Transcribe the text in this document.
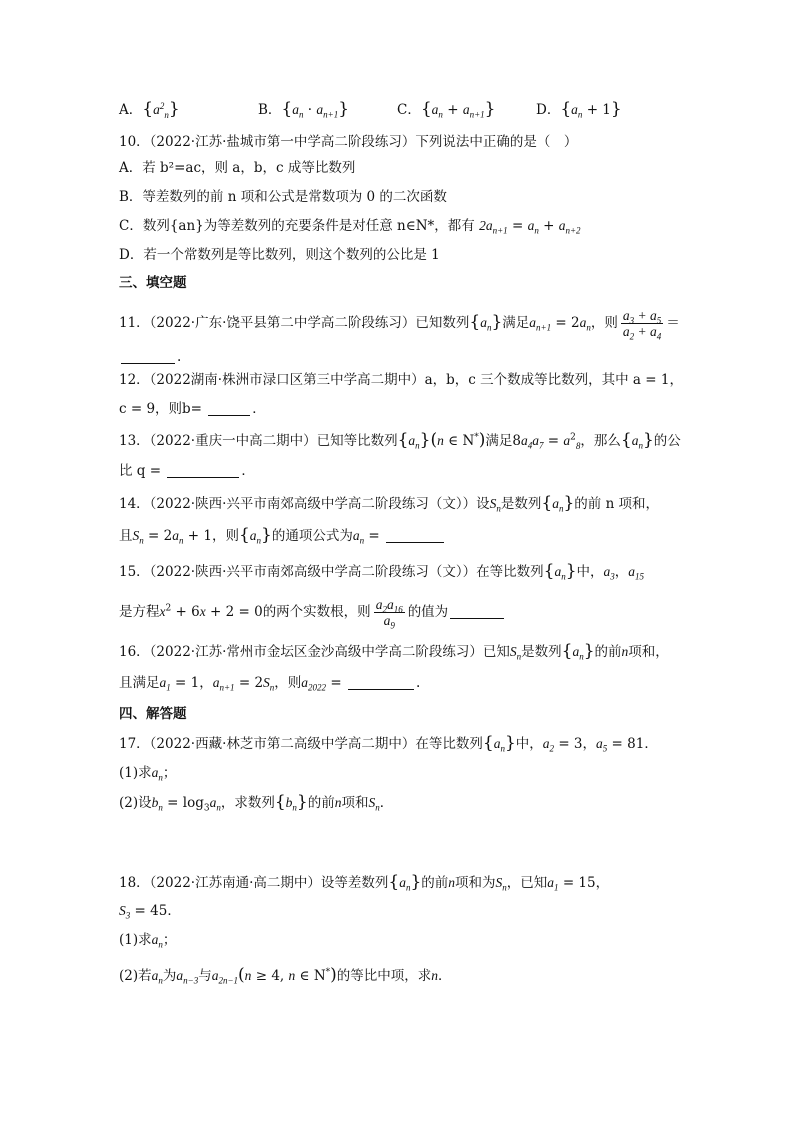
A．$\{a^2_n\}$	B．$\{a_n \cdot a_{n+1}\}$	C．$\{a_n + a_{n+1}\}$	D．$\{a_n + 1\}$
10．（2022·江苏·盐城市第一中学高二阶段练习）下列说法中正确的是（　）
A．若 b²=ac，则 a，b，c 成等比数列
B．等差数列的前 n 项和公式是常数项为 0 的二次函数
C．数列{an}为等差数列的充要条件是对任意 n∈N*，都有 $2a_{n+1} = a_n + a_{n+2}$
D．若一个常数列是等比数列，则这个数列的公比是 1
三、填空题
11．（2022·广东·饶平县第二中学高二阶段练习）已知数列$\{a_n\}$满足$a_{n+1} = 2a_n$，则 $\frac{a_3 + a_5}{a_2 + a_4}$ ＝
.
12．（2022湖南·株洲市渌口区第三中学高二期中）a，b，c 三个数成等比数列，其中 a = 1，
c = 9，则b=	．
13．（2022·重庆一中高二期中）已知等比数列$\{a_n\}(n$ ∈ N*)满足$8a_4a_7 = a^2_8$，那么$\{a_n\}$的公
比 q =	．
14．（2022·陕西·兴平市南郊高级中学高二阶段练习（文））设$S_n$是数列$\{a_n\}$的前 n 项和，
且$S_n = 2a_n + 1$，则$\{a_n\}$的通项公式为$a_n$ =
15．（2022·陕西·兴平市南郊高级中学高二阶段练习（文））在等比数列$\{a_n\}$中，$a_3$，$a_{15}$
是方程$x^2 + 6x + 2 = 0$的两个实数根，则 $\frac{a_2a_{16}}{a_9}$ 的值为
16．（2022·江苏·常州市金坛区金沙高级中学高二阶段练习）已知$S_n$是数列$\{a_n\}$的前n项和，
且满足$a_1 = 1$，$a_{n+1} = 2S_n$，则$a_{2022}$ =	.
四、解答题
17．（2022·西藏·林芝市第二高级中学高二期中）在等比数列$\{a_n\}$中，$a_2 = 3$，$a_5 = 81$．
(1)求$a_n$；
(2)设$b_n = \log_3a_n$，求数列$\{b_n\}$的前n项和$S_n$．
18．（2022·江苏南通·高二期中）设等差数列$\{a_n\}$的前n项和为$S_n$，已知$a_1 = 15$，
$S_3 = 45$．
(1)求$a_n$；
(2)若$a_n$为$a_{n-3}$与$a_{2n-1}(n \ge 4$, n ∈ N*)的等比中项，求n．
